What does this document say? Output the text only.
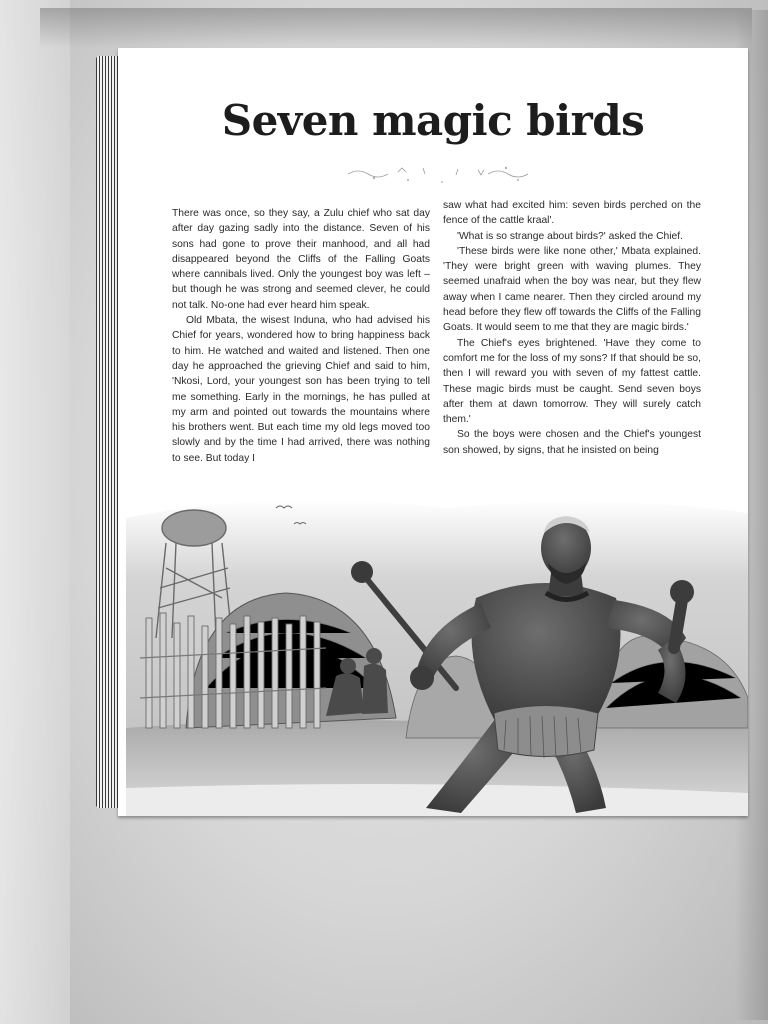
Seven magic birds

There was once, so they say, a Zulu chief who sat day after day gazing sadly into the distance. Seven of his sons had gone to prove their manhood, and all had disappeared beyond the Cliffs of the Falling Goats where cannibals lived. Only the youngest boy was left – but though he was strong and seemed clever, he could not talk. No-one had ever heard him speak.

Old Mbata, the wisest Induna, who had advised his Chief for years, wondered how to bring happiness back to him. He watched and waited and listened. Then one day he approached the grieving Chief and said to him, 'Nkosi, Lord, your youngest son has been trying to tell me something. Early in the mornings, he has pulled at my arm and pointed out towards the mountains where his brothers went. But each time my old legs moved too slowly and by the time I had arrived, there was nothing to see. But today I

saw what had excited him: seven birds perched on the fence of the cattle kraal'.

'What is so strange about birds?' asked the Chief.

'These birds were like none other,' Mbata explained. 'They were bright green with waving plumes. They seemed unafraid when the boy was near, but they flew away when I came nearer. Then they circled around my head before they flew off towards the Cliffs of the Falling Goats. It would seem to me that they are magic birds.'

The Chief's eyes brightened. 'Have they come to comfort me for the loss of my sons? If that should be so, then I will reward you with seven of my fattest cattle. These magic birds must be caught. Send seven boys after them at dawn tomorrow. They will surely catch them.'

So the boys were chosen and the Chief's youngest son showed, by signs, that he insisted on being
